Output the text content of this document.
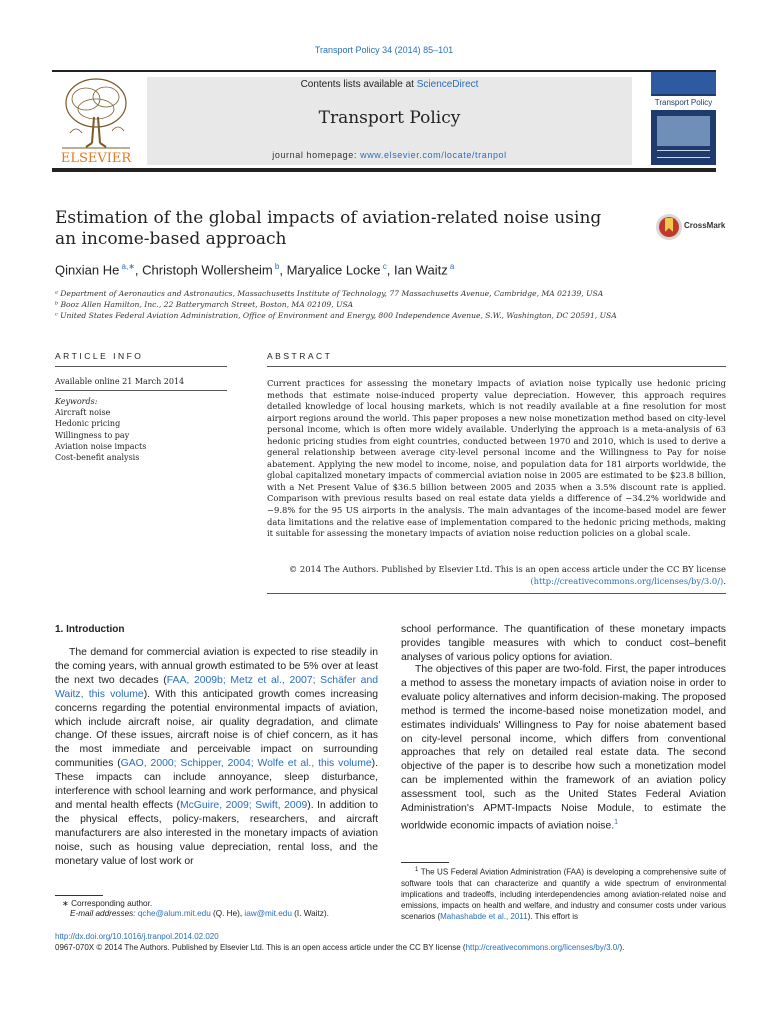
Transport Policy 34 (2014) 85–101
ELSEVIER
Contents lists available at ScienceDirect
Transport Policy
journal homepage: www.elsevier.com/locate/tranpol
Transport Policy
Estimation of the global impacts of aviation-related noise using
an income-based approach
CrossMark
Qinxian He $^{a,∗}$, Christoph Wollersheim $^b$, Maryalice Locke $^c$, Ian Waitz $^a$
ᵃ Department of Aeronautics and Astronautics, Massachusetts Institute of Technology, 77 Massachusetts Avenue, Cambridge, MA 02139, USA
ᵇ Booz Allen Hamilton, Inc., 22 Batterymarch Street, Boston, MA 02109, USA
ᶜ United States Federal Aviation Administration, Office of Environment and Energy, 800 Independence Avenue, S.W., Washington, DC 20591, USA
ARTICLE INFO	ABSTRACT
Available online 21 March 2014
Keywords:
Aircraft noise
Hedonic pricing
Willingness to pay
Aviation noise impacts
Cost-benefit analysis
Current practices for assessing the monetary impacts of aviation noise typically use hedonic pricing methods that estimate noise-induced property value depreciation. However, this approach requires detailed knowledge of local housing markets, which is not readily available at a fine resolution for most airport regions around the world. This paper proposes a new noise monetization method based on city-level personal income, which is often more widely available. Underlying the approach is a meta-analysis of 63 hedonic pricing studies from eight countries, conducted between 1970 and 2010, which is used to derive a general relationship between average city-level personal income and the Willingness to Pay for noise abatement. Applying the new model to income, noise, and population data for 181 airports worldwide, the global capitalized monetary impacts of commercial aviation noise in 2005 are estimated to be $23.8 billion, with a Net Present Value of $36.5 billion between 2005 and 2035 when a 3.5% discount rate is applied. Comparison with previous results based on real estate data yields a difference of −34.2% worldwide and −9.8% for the 95 US airports in the analysis. The main advantages of the income-based model are fewer data limitations and the relative ease of implementation compared to the hedonic pricing methods, making it suitable for assessing the monetary impacts of aviation noise reduction policies on a global scale.
© 2014 The Authors. Published by Elsevier Ltd. This is an open access article under the CC BY license
(http://creativecommons.org/licenses/by/3.0/).
1. Introduction
The demand for commercial aviation is expected to rise steadily in the coming years, with annual growth estimated to be 5% over at least the next two decades (FAA, 2009b; Metz et al., 2007; Schäfer and Waitz, this volume). With this anticipated growth comes increasing concerns regarding the potential environmental impacts of aviation, which include aircraft noise, air quality degradation, and climate change. Of these issues, aircraft noise is of chief concern, as it has the most immediate and perceivable impact on surrounding communities (GAO, 2000; Schipper, 2004; Wolfe et al., this volume). These impacts can include annoyance, sleep disturbance, interference with school learning and work performance, and physical and mental health effects (McGuire, 2009; Swift, 2009). In addition to the physical effects, policy-makers, researchers, and aircraft manufacturers are also interested in the monetary impacts of aviation noise, such as housing value depreciation, rental loss, and the monetary value of lost work or
school performance. The quantification of these monetary impacts provides tangible measures with which to conduct cost–benefit analyses of various policy options for aviation.
The objectives of this paper are two-fold. First, the paper introduces a method to assess the monetary impacts of aviation noise in order to evaluate policy alternatives and inform decision-making. The proposed method is termed the income-based noise monetization model, and estimates individuals' Willingness to Pay for noise abatement based on city-level personal income, which differs from conventional approaches that rely on detailed real estate data. The second objective of the paper is to describe how such a monetization model can be implemented within the framework of an aviation policy assessment tool, such as the United States Federal Aviation Administration's APMT-Impacts Noise Module, to estimate the worldwide economic impacts of aviation noise.$^1$
∗ Corresponding author.
E-mail addresses: qche@alum.mit.edu (Q. He), iaw@mit.edu (I. Waitz).
$^1$ The US Federal Aviation Administration (FAA) is developing a comprehensive suite of software tools that can characterize and quantify a wide spectrum of environmental implications and tradeoffs, including interdependencies among aviation-related noise and emissions, impacts on health and welfare, and industry and consumer costs under various scenarios (Mahashabde et al., 2011). This effort is
http://dx.doi.org/10.1016/j.tranpol.2014.02.020
0967-070X © 2014 The Authors. Published by Elsevier Ltd. This is an open access article under the CC BY license (http://creativecommons.org/licenses/by/3.0/).
